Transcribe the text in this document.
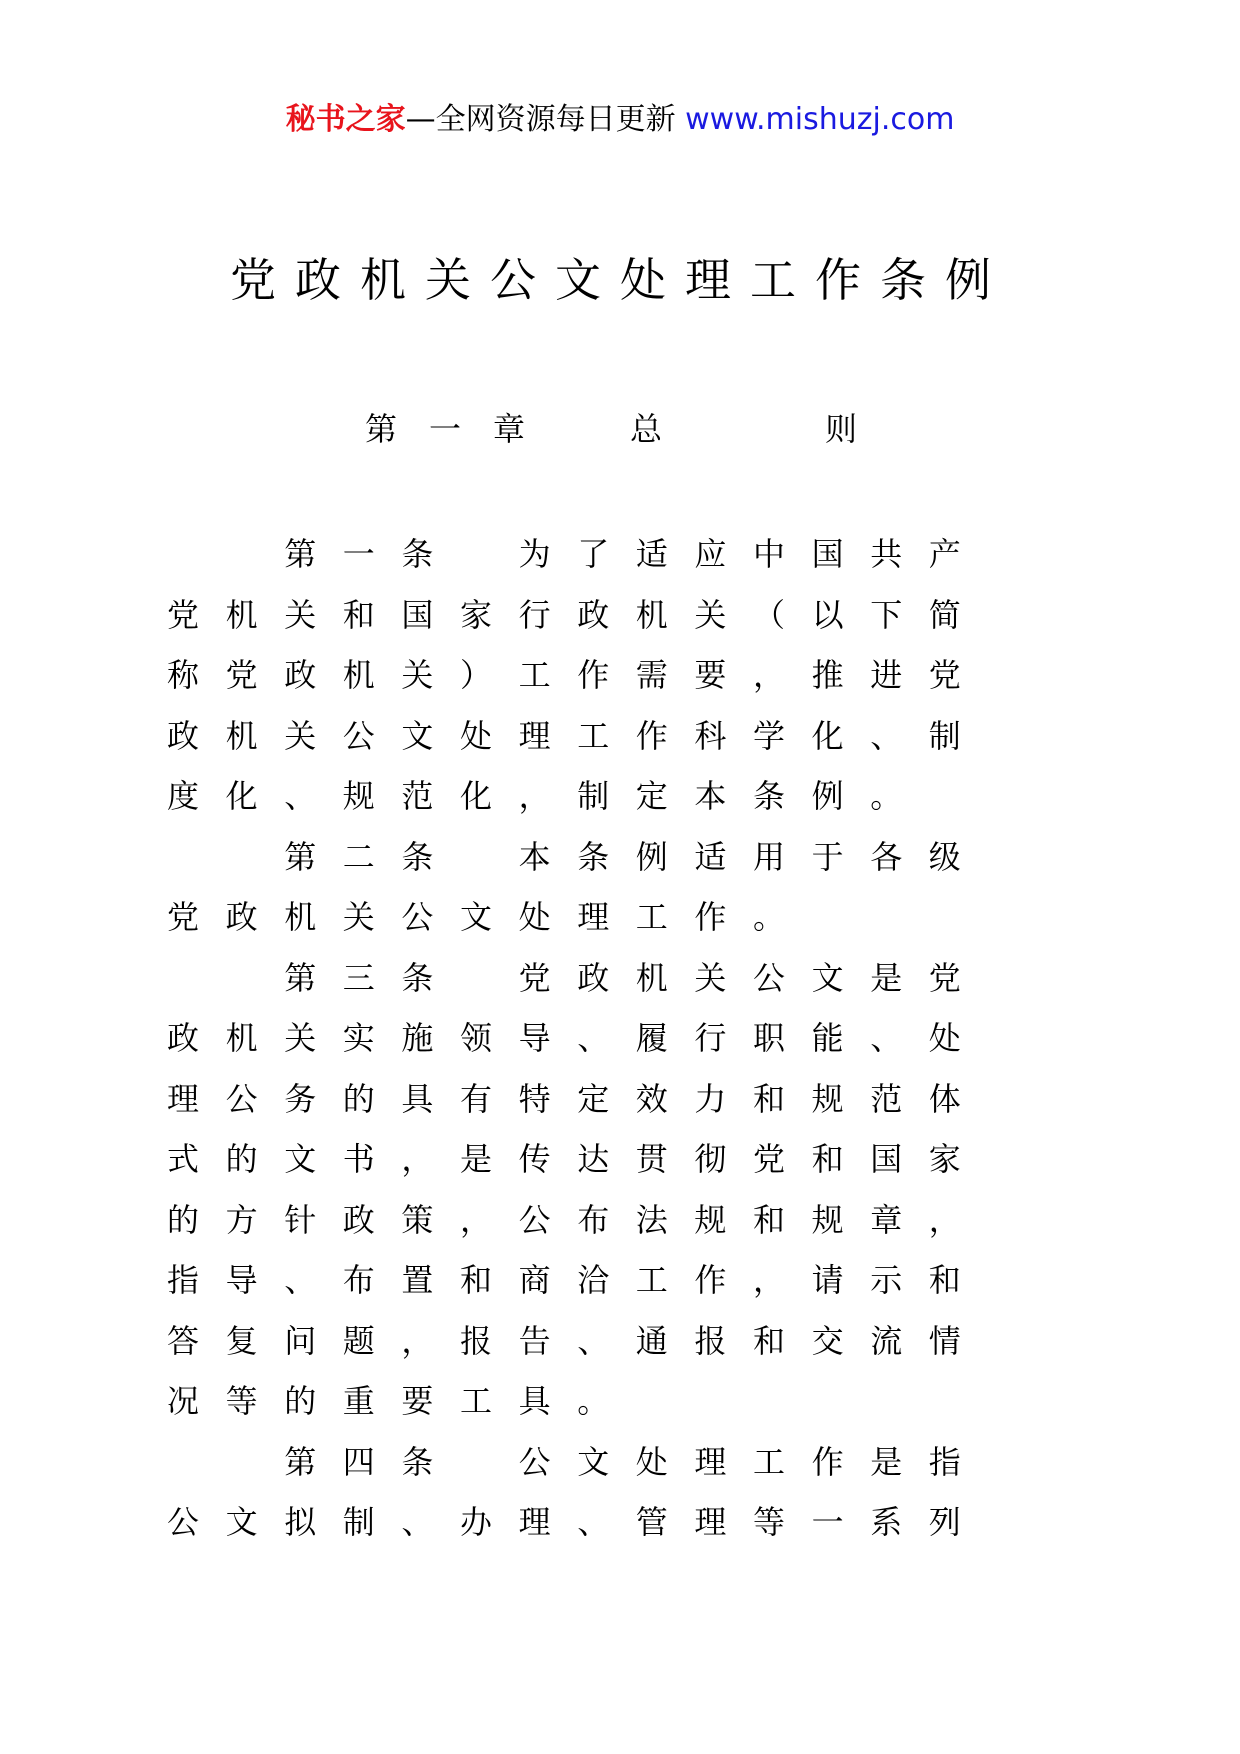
秘书之家—全网资源每日更新 www.mishuzj.com
党政机关公文处理工作条例
第一章 总	则
第 一 条	为 了 适 应 中 国 共 产
党 机 关 和 国 家 行 政 机 关 （ 以 下 简
称 党 政 机 关 ） 工 作 需 要 ， 推 进 党
政 机 关 公 文 处 理 工 作 科 学 化 、 制
度 化 、 规 范 化 ， 制 定 本 条 例 。
第 二 条	本 条 例 适 用 于 各 级
党 政 机 关 公 文 处 理 工 作 。
第 三 条	党 政 机 关 公 文 是 党
政 机 关 实 施 领 导 、 履 行 职 能 、 处
理 公 务 的 具 有 特 定 效 力 和 规 范 体
式 的 文 书 ， 是 传 达 贯 彻 党 和 国 家
的 方 针 政 策 ， 公 布 法 规 和 规 章 ，
指 导 、 布 置 和 商 洽 工 作 ， 请 示 和
答 复 问 题 ， 报 告 、 通 报 和 交 流 情
况 等 的 重 要 工 具 。
第 四 条	公 文 处 理 工 作 是 指
公 文 拟 制 、 办 理 、 管 理 等 一 系 列
